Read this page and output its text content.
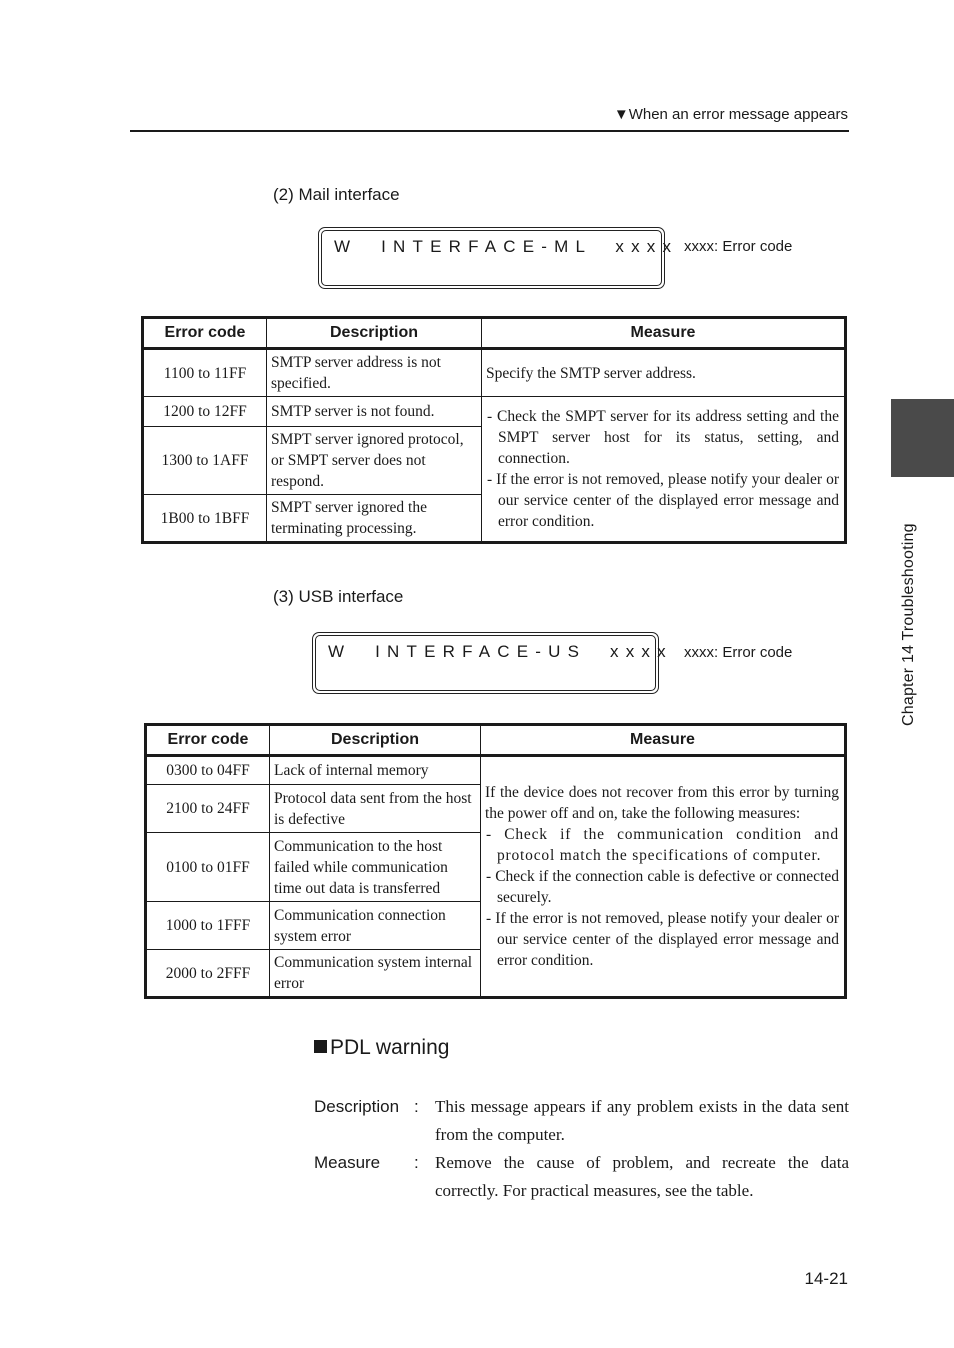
▼When an error message appears
Chapter 14 Troubleshooting
(2) Mail interface
W  INTERFACE-ML  xxxx xxxx: Error code
Error code	Description	Measure
1100 to 11FF	SMTP server address is not specified.	Specify the SMTP server address.
1200 to 12FF	SMTP server is not found.	- Check the SMPT server for its address setting and the SMPT server host for its status, setting, and connection.
- If the error is not removed, please notify your dealer or our service center of the displayed error message and error condition.

1300 to 1AFF	SMPT server ignored protocol, or SMPT server does not respond.	
1B00 to 1BFF	SMPT server ignored the terminating processing.	
(3) USB interface
W  INTERFACE-US  xxxx xxxx: Error code
Error code	Description	Measure
0300 to 04FF	Lack of internal memory	If the device does not recover from this error by turning the power off and on, take the following measures:
- Check if the communication condition and protocol match the specifications of computer.
- Check if the connection cable is defective or connected securely.
- If the error is not removed, please notify your dealer or our service center of the displayed error message and error condition.

2100 to 24FF	Protocol data sent from the host is defective	
0100 to 01FF	Communication to the host failed while communication time out data is transferred	
1000 to 1FFF	Communication connection system error	
2000 to 2FFF	Communication system internal error	
PDL warning
Description : This message appears if any problem exists in the data sent from the computer.
Measure : Remove the cause of problem, and recreate the data correctly. For practical measures, see the table.
14-21
